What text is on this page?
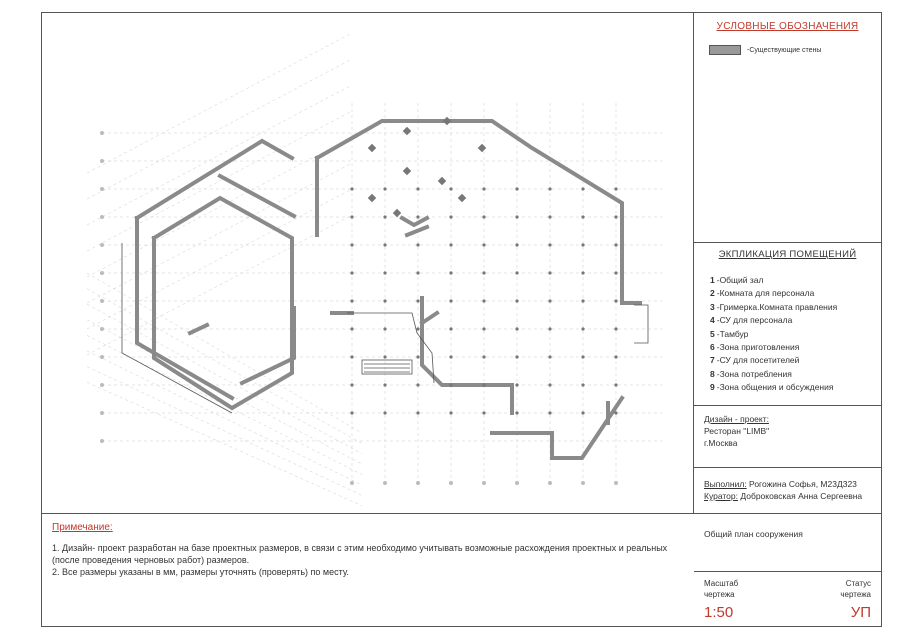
Примечание:
1. Дизайн- проект разработан на базе проектных размеров, в связи с этим необходимо учитывать возможные расхождения проектных и реальных (после проведения черновых работ) размеров.
2. Все размеры указаны в мм, размеры уточнять (проверять) по месту.
УСЛОВНЫЕ ОБОЗНАЧЕНИЯ
-Существующие стены
ЭКПЛИКАЦИЯ ПОМЕЩЕНИЙ
1 -Общий зал
2 -Комната для персонала
3 -Гримерка.Комната правления
4 -СУ для персонала
5 -Тамбур
6 -Зона приготовления
7 -СУ для посетителей
8 -Зона потребления
9 -Зона общения и обсуждения
Дизайн - проект:
Ресторан "LIMB"
г.Москва
Выполнил: Рогожина Софья, М23Д323
Куратор: Доброковская Анна Сергеевна
Общий план сооружения
Масштаб
чертежа
Статус
чертежа
1:50	УП
